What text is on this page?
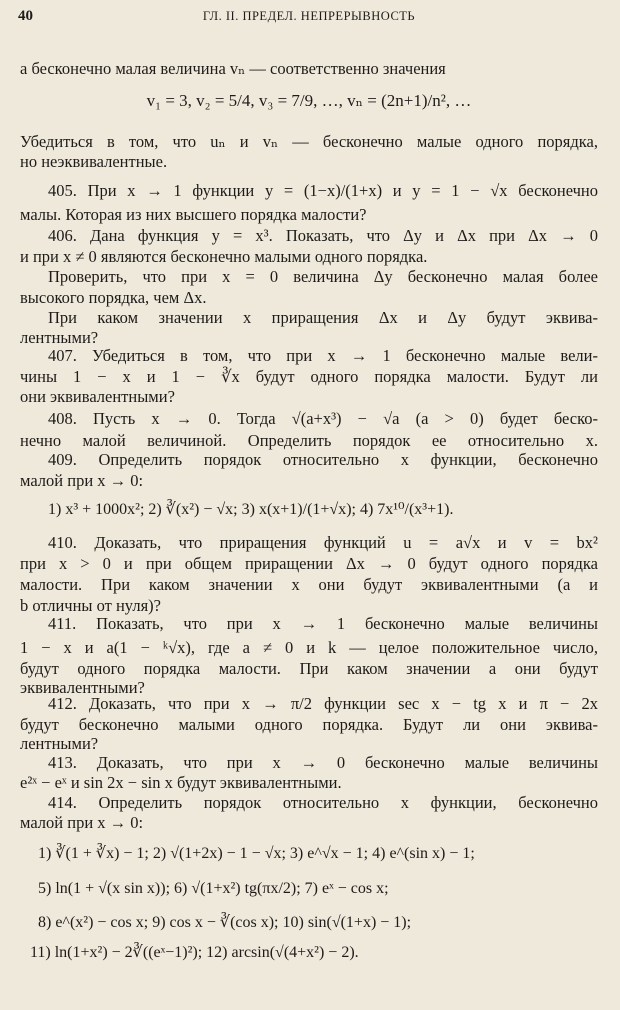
40	ГЛ. II. ПРЕДЕЛ. НЕПРЕРЫВНОСТЬ
а бесконечно малая величина vₙ — соответственно значения
v₁ = 3, v₂ = 5/4, v₃ = 7/9, …, vₙ = (2n+1)/n², …
Убедиться в том, что uₙ и vₙ — бесконечно малые одного порядка,
но неэквивалентные.
405. При x → 1 функции y = (1−x)/(1+x) и y = 1 − √x бесконечно
малы. Которая из них высшего порядка малости?
406. Дана функция y = x³. Показать, что Δy и Δx при Δx → 0
и при x ≠ 0 являются бесконечно малыми одного порядка.
Проверить, что при x = 0 величина Δy бесконечно малая более
высокого порядка, чем Δx.
При каком значении x приращения Δx и Δy будут эквива-
лентными?
407. Убедиться в том, что при x → 1 бесконечно малые вели-
чины 1 − x и 1 − ∛x будут одного порядка малости. Будут ли
они эквивалентными?
408. Пусть x → 0. Тогда √(a+x³) − √a (a > 0) будет беско-
нечно малой величиной. Определить порядок ее относительно x.
409. Определить порядок относительно x функции, бесконечно
малой при x → 0:
1) x³ + 1000x²; 2) ∛(x²) − √x; 3) x(x+1)/(1+√x); 4) 7x¹⁰/(x³+1).
410. Доказать, что приращения функций u = a√x и v = bx²
при x > 0 и при общем приращении Δx → 0 будут одного порядка
малости. При каком значении x они будут эквивалентными (a и
b отличны от нуля)?
411. Показать, что при x → 1 бесконечно малые величины
1 − x и a(1 − ᵏ√x), где a ≠ 0 и k — целое положительное число,
будут одного порядка малости. При каком значении a они будут
эквивалентными?
412. Доказать, что при x → π/2 функции sec x − tg x и π − 2x
будут бесконечно малыми одного порядка. Будут ли они эквива-
лентными?
413. Доказать, что при x → 0 бесконечно малые величины
e²ˣ − eˣ и sin 2x − sin x будут эквивалентными.
414. Определить порядок относительно x функции, бесконечно
малой при x → 0:
1) ∛(1 + ∛x) − 1; 2) √(1+2x) − 1 − √x; 3) e^√x − 1; 4) e^(sin x) − 1;
5) ln(1 + √(x sin x)); 6) √(1+x²) tg(πx/2); 7) eˣ − cos x;
8) e^(x²) − cos x; 9) cos x − ∛(cos x); 10) sin(√(1+x) − 1);
11) ln(1+x²) − 2∛((eˣ−1)²); 12) arcsin(√(4+x²) − 2).
